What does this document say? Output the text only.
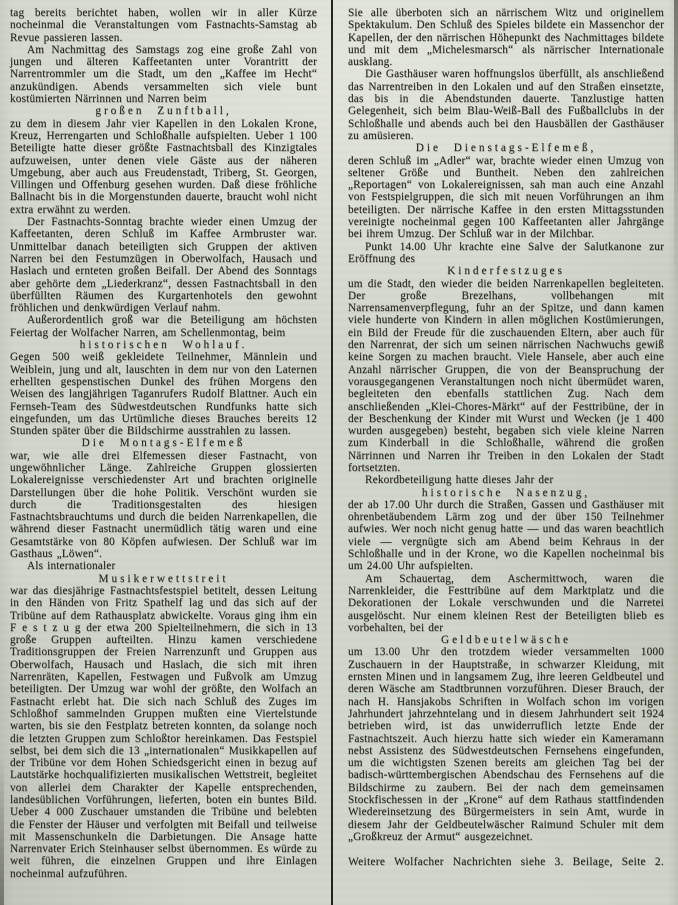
tag bereits berichtet haben, wollen wir in aller Kürze nocheinmal die Veranstaltungen vom Fastnachts-Samstag ab Revue passieren lassen.

Am Nachmittag des Samstags zog eine große Zahl von jungen und älteren Kaffeetanten unter Vorantritt der Narrentrommler um die Stadt, um den „Kaffee im Hecht“ anzukündigen. Abends versammelten sich viele bunt kostümierten Närrinnen und Narren beim

großen Zunftball,

zu dem in diesem Jahr vier Kapellen in den Lokalen Krone, Kreuz, Herrengarten und Schloßhalle aufspielten. Ueber 1 100 Beteiligte hatte dieser größte Fastnachtsball des Kinzigtales aufzuweisen, unter denen viele Gäste aus der näheren Umgebung, aber auch aus Freudenstadt, Triberg, St. Georgen, Villingen und Offenburg gesehen wurden. Daß diese fröhliche Ballnacht bis in die Morgenstunden dauerte, braucht wohl nicht extra erwähnt zu werden.

Der Fastnachts-Sonntag brachte wieder einen Umzug der Kaffeetanten, deren Schluß im Kaffee Armbruster war. Unmittelbar danach beteiligten sich Gruppen der aktiven Narren bei den Festumzügen in Oberwolfach, Hausach und Haslach und ernteten großen Beifall. Der Abend des Sonntags aber gehörte dem „Liederkranz“, dessen Fastnachtsball in den überfüllten Räumen des Kurgartenhotels den gewohnt fröhlichen und denkwürdigen Verlauf nahm.

Außerordentlich groß war die Beteiligung am höchsten Feiertag der Wolfacher Narren, am Schellenmontag, beim

historischen Wohlauf.

Gegen 500 weiß gekleidete Teilnehmer, Männlein und Weiblein, jung und alt, lauschten in dem nur von den Laternen erhellten gespenstischen Dunkel des frühen Morgens den Weisen des langjährigen Taganrufers Rudolf Blattner. Auch ein Fernseh-Team des Südwestdeutschen Rundfunks hatte sich eingefunden, um das Urtümliche dieses Brauches bereits 12 Stunden später über die Bildschirme ausstrahlen zu lassen.

Die Montags-Elfemeß

war, wie alle drei Elfemessen dieser Fastnacht, von ungewöhnlicher Länge. Zahlreiche Gruppen glossierten Lokalereignisse verschiedenster Art und brachten originelle Darstellungen über die hohe Politik. Verschönt wurden sie durch die Traditionsgestalten des hiesigen Fastnachtsbrauchtums und durch die beiden Narrenkapellen, die während dieser Fastnacht unermüdlich tätig waren und eine Gesamtstärke von 80 Köpfen aufwiesen. Der Schluß war im Gasthaus „Löwen“.

Als internationaler

Musikerwettstreit

war das diesjährige Fastnachtsfestspiel betitelt, dessen Leitung in den Händen von Fritz Spathelf lag und das sich auf der Tribüne auf dem Rathausplatz abwickelte. Voraus ging ihm ein F e s t z u g der etwa 200 Spielteilnehmern, die sich in 13 große Gruppen aufteilten. Hinzu kamen verschiedene Traditionsgruppen der Freien Narrenzunft und Gruppen aus Oberwolfach, Hausach und Haslach, die sich mit ihren Narrenräten, Kapellen, Festwagen und Fußvolk am Umzug beteiligten. Der Umzug war wohl der größte, den Wolfach an Fastnacht erlebt hat. Die sich nach Schluß des Zuges im Schloßhof sammelnden Gruppen mußten eine Viertelstunde warten, bis sie den Festplatz betreten konnten, da solange noch die letzten Gruppen zum Schloßtor hereinkamen. Das Festspiel selbst, bei dem sich die 13 „internationalen“ Musikkapellen auf der Tribüne vor dem Hohen Schiedsgericht einen in bezug auf Lautstärke hochqualifizierten musikalischen Wettstreit, begleitet von allerlei dem Charakter der Kapelle entsprechenden, landesüblichen Vorführungen, lieferten, boten ein buntes Bild. Ueber 4 000 Zuschauer umstanden die Tribüne und belebten die Fenster der Häuser und verfolgten mit Beifall und teilweise mit Massenschunkeln die Darbietungen. Die Ansage hatte Narrenvater Erich Steinhauser selbst übernommen. Es würde zu weit führen, die einzelnen Gruppen und ihre Einlagen nocheinmal aufzuführen.

Sie alle überboten sich an närrischem Witz und originellem Spektakulum. Den Schluß des Spieles bildete ein Massenchor der Kapellen, der den närrischen Höhepunkt des Nachmittages bildete und mit dem „Michelesmarsch“ als närrischer Internationale ausklang.

Die Gasthäuser waren hoffnungslos überfüllt, als anschließend das Narrentreiben in den Lokalen und auf den Straßen einsetzte, das bis in die Abendstunden dauerte. Tanzlustige hatten Gelegenheit, sich beim Blau-Weiß-Ball des Fußballclubs in der Schloßhalle und abends auch bei den Hausbällen der Gasthäuser zu amüsieren.

Die Dienstags-Elfemeß,

deren Schluß im „Adler“ war, brachte wieder einen Umzug von seltener Größe und Buntheit. Neben den zahlreichen „Reportagen“ von Lokalereignissen, sah man auch eine Anzahl von Festspielgruppen, die sich mit neuen Vorführungen an ihm beteiligten. Der närrische Kaffee in den ersten Mittagsstunden vereinigte nocheinmal gegen 100 Kaffeetanten aller Jahrgänge bei ihrem Umzug. Der Schluß war in der Milchbar.

Punkt 14.00 Uhr krachte eine Salve der Salutkanone zur Eröffnung des

Kinderfestzuges

um die Stadt, den wieder die beiden Narrenkapellen begleiteten. Der große Brezelhans, vollbehangen mit Narrensamenverpflegung, fuhr an der Spitze, und dann kamen viele hunderte von Kindern in allen möglichen Kostümierungen, ein Bild der Freude für die zuschauenden Eltern, aber auch für den Narrenrat, der sich um seinen närrischen Nachwuchs gewiß keine Sorgen zu machen braucht. Viele Hansele, aber auch eine Anzahl närrischer Gruppen, die von der Beanspruchung der vorausgegangenen Veranstaltungen noch nicht übermüdet waren, begleiteten den ebenfalls stattlichen Zug. Nach dem anschließenden „Klei-Chores-Märkt“ auf der Festtribüne, der in der Beschenkung der Kinder mit Wurst und Wecken (je 1 400 wurden ausgegeben) besteht, begaben sich viele kleine Narren zum Kinderball in die Schloßhalle, während die großen Närrinnen und Narren ihr Treiben in den Lokalen der Stadt fortsetzten.

Rekordbeteiligung hatte dieses Jahr der

historische Nasenzug,

der ab 17.00 Uhr durch die Straßen, Gassen und Gasthäuser mit ohrenbetäubendem Lärm zog und der über 150 Teilnehmer aufwies. Wer noch nicht genug hatte — und das waren beachtlich viele — vergnügte sich am Abend beim Kehraus in der Schloßhalle und in der Krone, wo die Kapellen nocheinmal bis um 24.00 Uhr aufspielten.

Am Schauertag, dem Aschermittwoch, waren die Narrenkleider, die Festtribüne auf dem Marktplatz und die Dekorationen der Lokale verschwunden und die Narretei ausgelöscht. Nur einem kleinen Rest der Beteiligten blieb es vorbehalten, bei der

Geldbeutelwäsche

um 13.00 Uhr den trotzdem wieder versammelten 1000 Zuschauern in der Hauptstraße, in schwarzer Kleidung, mit ernsten Minen und in langsamem Zug, ihre leeren Geldbeutel und deren Wäsche am Stadtbrunnen vorzuführen. Dieser Brauch, der nach H. Hansjakobs Schriften in Wolfach schon im vorigen Jahrhundert jahrzehntelang und in diesem Jahrhundert seit 1924 betrieben wird, ist das unwiderruflich letzte Ende der Fastnachtszeit. Auch hierzu hatte sich wieder ein Kameramann nebst Assistenz des Südwestdeutschen Fernsehens eingefunden, um die wichtigsten Szenen bereits am gleichen Tag bei der badisch-württembergischen Abendschau des Fernsehens auf die Bildschirme zu zaubern. Bei der nach dem gemeinsamen Stockfischessen in der „Krone“ auf dem Rathaus stattfindenden Wiedereinsetzung des Bürgermeisters in sein Amt, wurde in diesem Jahr der Geldbeutelwäscher Raimund Schuler mit dem „Großkreuz der Armut“ ausgezeichnet.

Weitere Wolfacher Nachrichten siehe 3. Beilage, Seite 2.
